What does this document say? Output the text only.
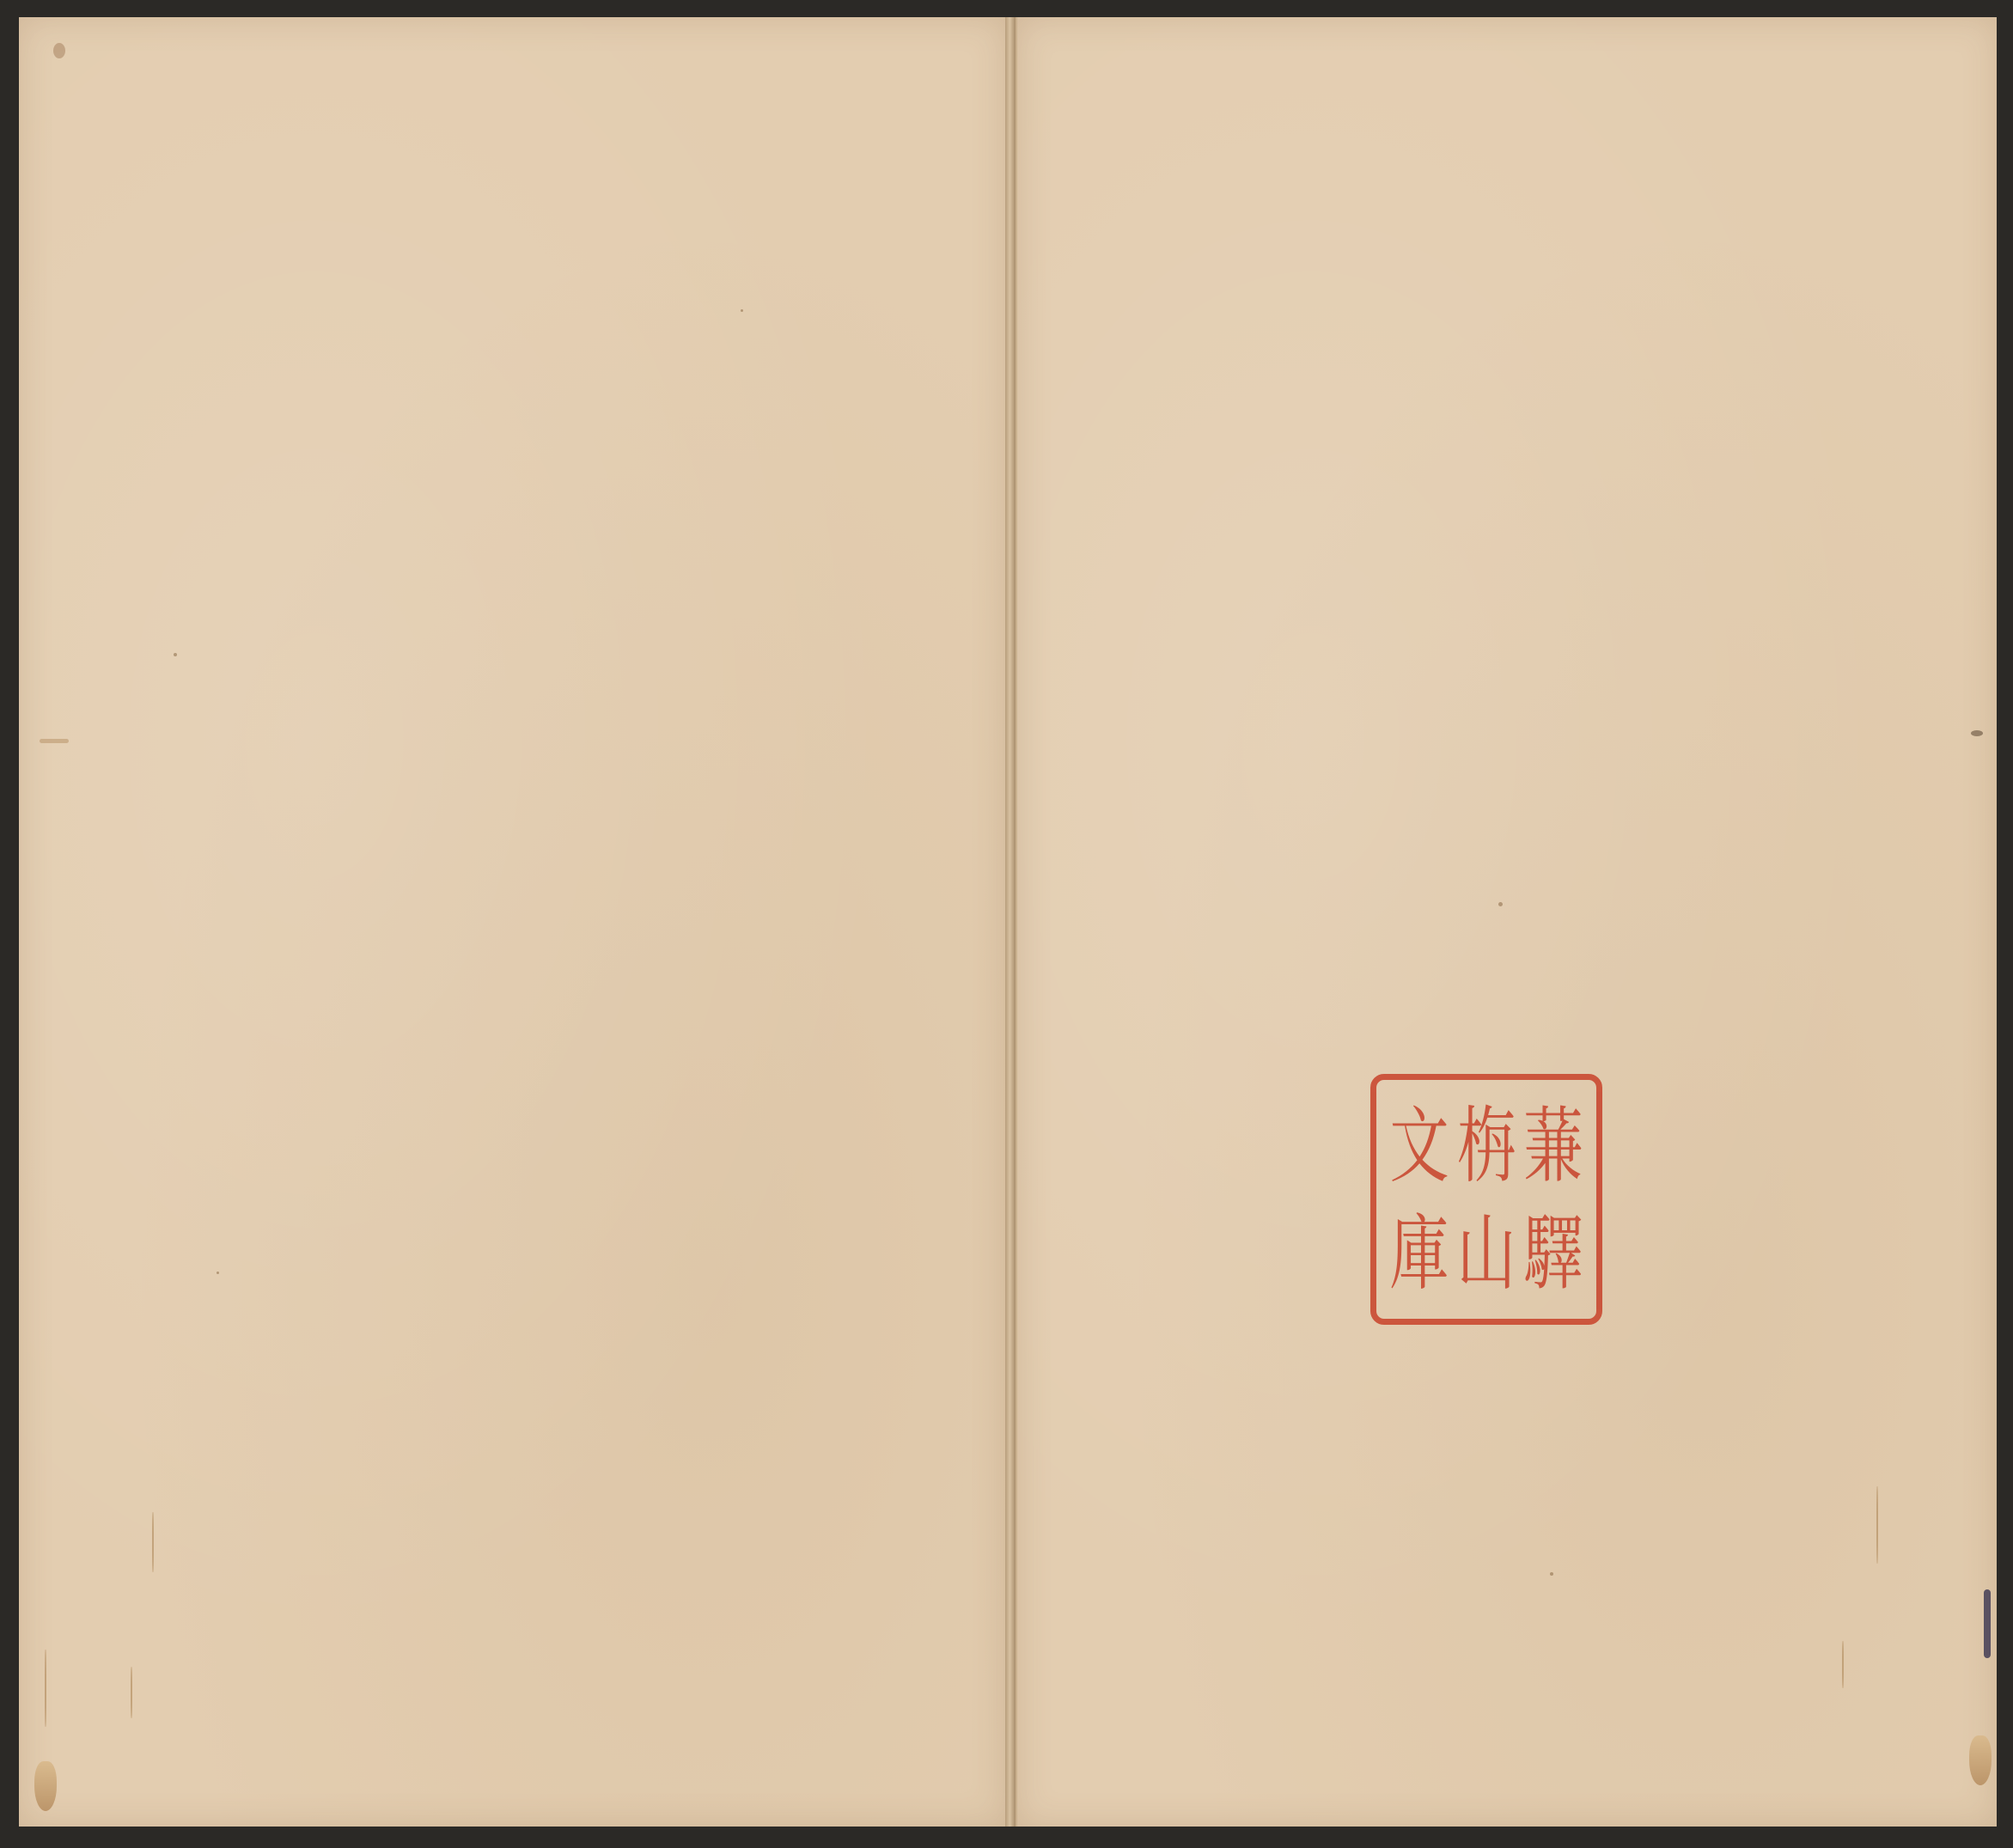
蒹
驛
栴
山
文
庫
